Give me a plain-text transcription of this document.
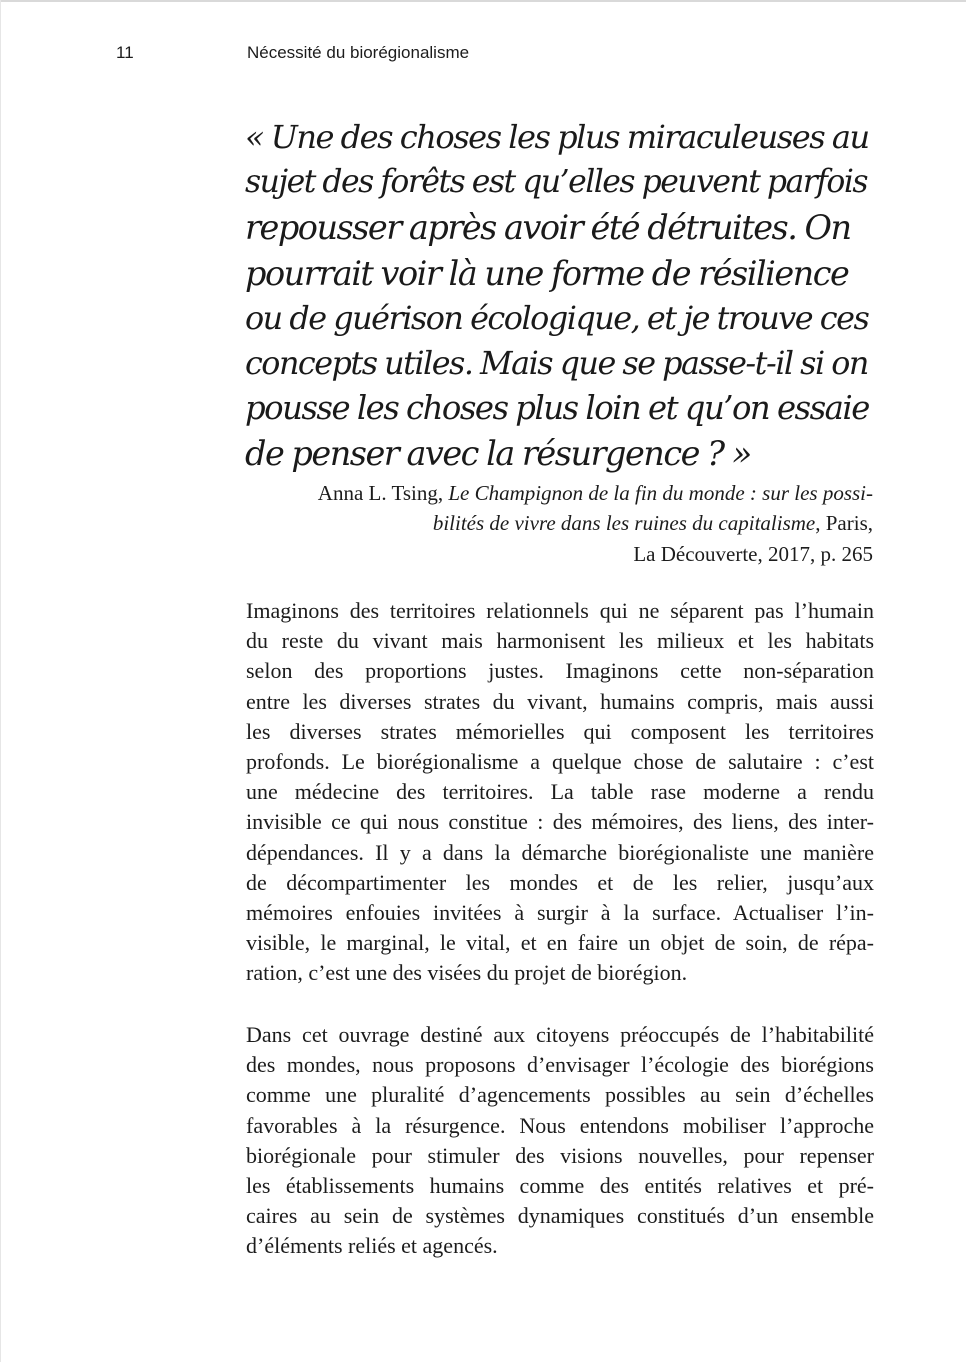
11	Nécessité du biorégionalisme

« Une des choses les plus miraculeuses au
sujet des forêts est qu’elles peuvent parfois
repousser après avoir été détruites. On
pourrait voir là une forme de résilience
ou de guérison écologique, et je trouve ces
concepts utiles. Mais que se passe-t-il si on
pousse les choses plus loin et qu’on essaie
de penser avec la résurgence ? »

Anna L. Tsing, Le Champignon de la fin du monde : sur les possi-
bilités de vivre dans les ruines du capitalisme, Paris,
La Découverte, 2017, p. 265

Imaginons des territoires relationnels qui ne séparent pas l’humain
du reste du vivant mais harmonisent les milieux et les habitats
selon des proportions justes. Imaginons cette non-séparation
entre les diverses strates du vivant, humains compris, mais aussi
les diverses strates mémorielles qui composent les territoires
profonds. Le biorégionalisme a quelque chose de salutaire : c’est
une médecine des territoires. La table rase moderne a rendu
invisible ce qui nous constitue : des mémoires, des liens, des inter-
dépendances. Il y a dans la démarche biorégionaliste une manière
de décompartimenter les mondes et de les relier, jusqu’aux
mémoires enfouies invitées à surgir à la surface. Actualiser l’in-
visible, le marginal, le vital, et en faire un objet de soin, de répa-
ration, c’est une des visées du projet de biorégion.

Dans cet ouvrage destiné aux citoyens préoccupés de l’habitabilité
des mondes, nous proposons d’envisager l’écologie des biorégions
comme une pluralité d’agencements possibles au sein d’échelles
favorables à la résurgence. Nous entendons mobiliser l’approche
biorégionale pour stimuler des visions nouvelles, pour repenser
les établissements humains comme des entités relatives et pré-
caires au sein de systèmes dynamiques constitués d’un ensemble
d’éléments reliés et agencés.
